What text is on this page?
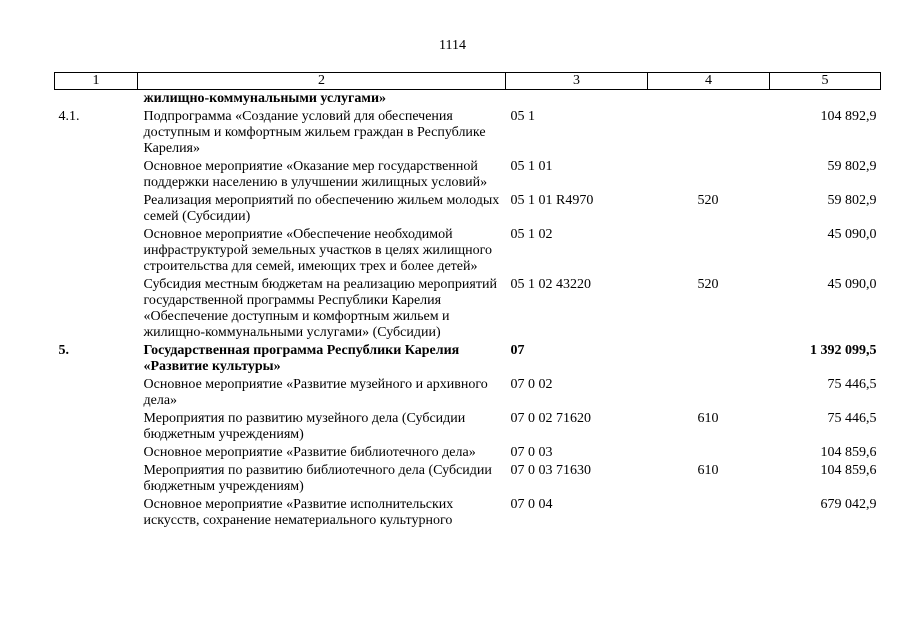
1114
1	2	3	4	5
	жилищно-коммунальными услугами»			
4.1.	Подпрограмма «Создание условий для обеспечения доступным и комфортным жильем граждан в Республике Карелия»	05 1		104 892,9
	Основное мероприятие «Оказание мер государственной поддержки населению в улучшении жилищных условий»	05 1 01		59 802,9
	Реализация мероприятий по обеспечению жильем молодых семей (Субсидии)	05 1 01 R4970	520	59 802,9
	Основное мероприятие «Обеспечение необходимой инфраструктурой земельных участков в целях жилищного строительства для семей, имеющих трех и более детей»	05 1 02		45 090,0
	Субсидия местным бюджетам на реализацию мероприятий государственной программы Республики Карелия «Обеспечение доступным и комфортным жильем и жилищно-коммунальными услугами» (Субсидии)	05 1 02 43220	520	45 090,0
5.	Государственная программа Республики Карелия «Развитие культуры»	07		1 392 099,5
	Основное мероприятие «Развитие музейного и архивного дела»	07 0 02		75 446,5
	Мероприятия по развитию музейного дела (Субсидии бюджетным учреждениям)	07 0 02 71620	610	75 446,5
	Основное мероприятие «Развитие библиотечного дела»	07 0 03		104 859,6
	Мероприятия по развитию библиотечного дела (Субсидии бюджетным учреждениям)	07 0 03 71630	610	104 859,6
	Основное мероприятие «Развитие исполнительских искусств, сохранение нематериального культурного	07 0 04		679 042,9
